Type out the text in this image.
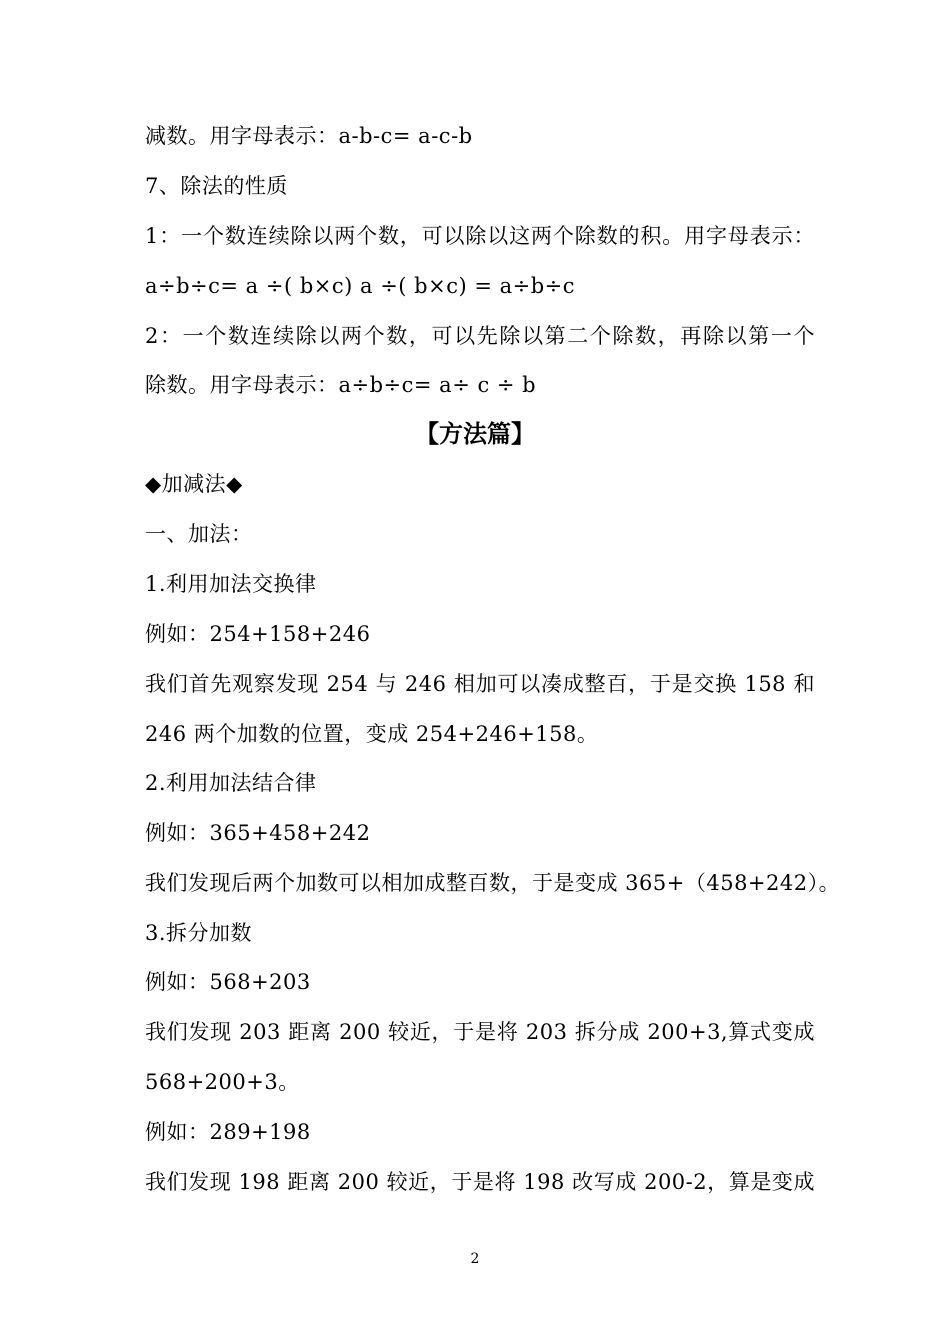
减数。用字母表示：a-b-c= a-c-b
7、除法的性质
1：一个数连续除以两个数，可以除以这两个除数的积。用字母表示：
a÷b÷c= a ÷( b×c) a ÷( b×c) = a÷b÷c
2：一个数连续除以两个数，可以先除以第二个除数，再除以第一个
除数。用字母表示：a÷b÷c= a÷ c ÷ b
【方法篇】
◆加减法◆
一、加法：
1.利用加法交换律
例如：254+158+246
我们首先观察发现 254 与 246 相加可以凑成整百，于是交换 158 和
246 两个加数的位置，变成 254+246+158。
2.利用加法结合律
例如：365+458+242
我们发现后两个加数可以相加成整百数，于是变成 365+（458+242）。
3.拆分加数
例如：568+203
我们发现 203 距离 200 较近，于是将 203 拆分成 200+3,算式变成
568+200+3。
例如：289+198
我们发现 198 距离 200 较近，于是将 198 改写成 200-2，算是变成
2
